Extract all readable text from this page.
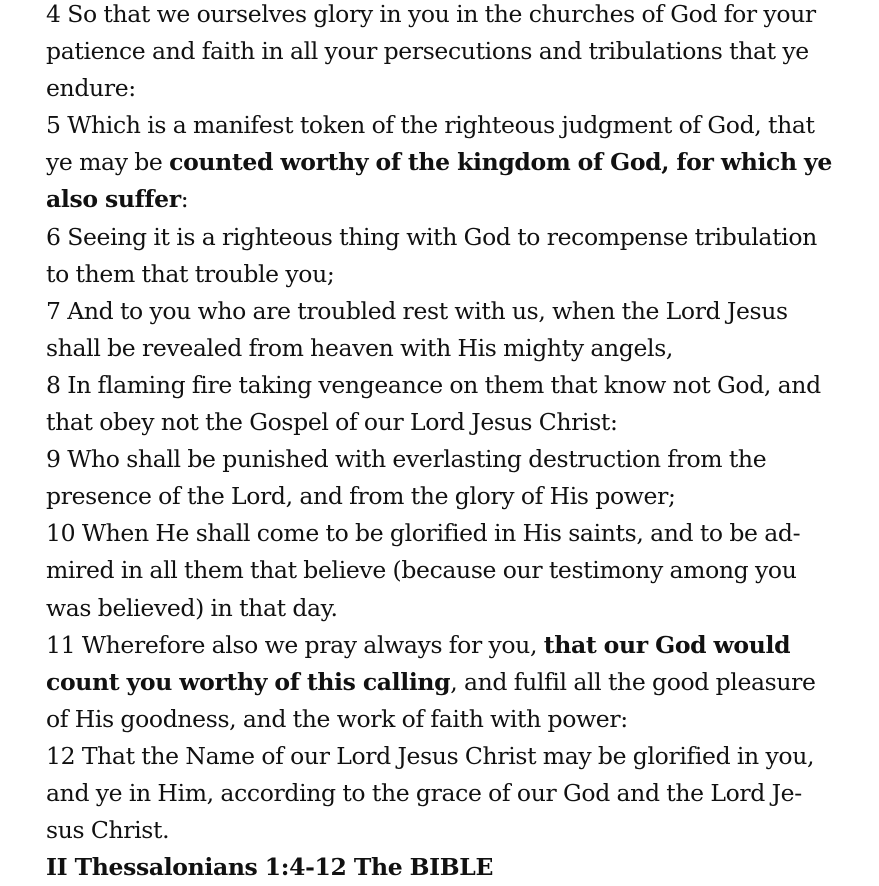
4 So that we ourselves glory in you in the churches of God for your
patience and faith in all your persecutions and tribulations that ye
endure:
5 Which is a manifest token of the righteous judgment of God, that
ye may be counted worthy of the kingdom of God, for which ye
also suffer:
6 Seeing it is a righteous thing with God to recompense tribulation
to them that trouble you;
7 And to you who are troubled rest with us, when the Lord Jesus
shall be revealed from heaven with His mighty angels,
8 In flaming fire taking vengeance on them that know not God, and
that obey not the Gospel of our Lord Jesus Christ:
9 Who shall be punished with everlasting destruction from the
presence of the Lord, and from the glory of His power;
10 When He shall come to be glorified in His saints, and to be ad-
mired in all them that believe (because our testimony among you
was believed) in that day.
11 Wherefore also we pray always for you, that our God would
count you worthy of this calling, and fulfil all the good pleasure
of His goodness, and the work of faith with power:
12 That the Name of our Lord Jesus Christ may be glorified in you,
and ye in Him, according to the grace of our God and the Lord Je-
sus Christ.
II Thessalonians 1:4-12 The BIBLE
